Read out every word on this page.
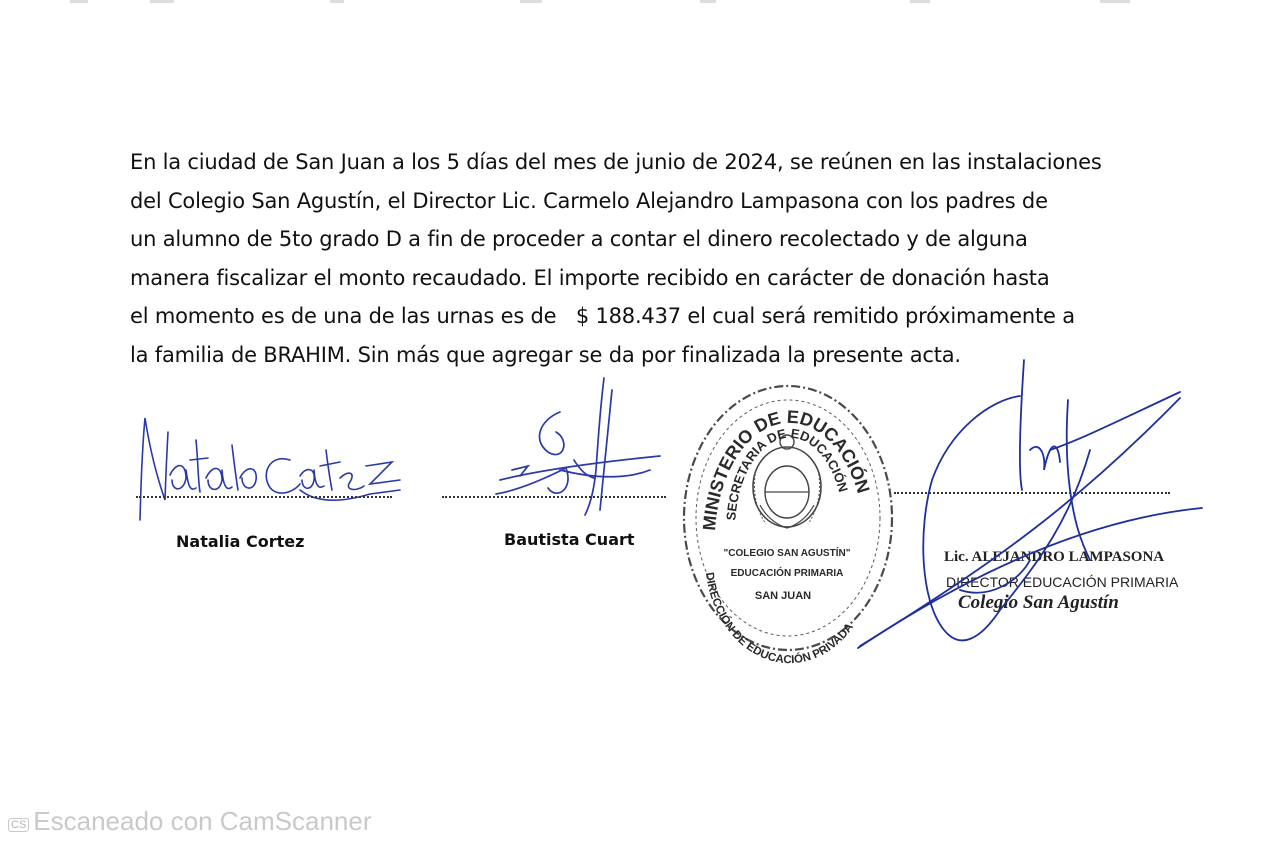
En la ciudad de San Juan a los 5 días del mes de junio de 2024, se reúnen en las instalaciones
del Colegio San Agustín, el Director Lic. Carmelo Alejandro Lampasona con los padres de
un alumno de 5to grado D a fin de proceder a contar el dinero recolectado y de alguna
manera fiscalizar el monto recaudado. El importe recibido en carácter de donación hasta
el momento es de una de las urnas es de   $ 188.437 el cual será remitido próximamente a
la familia de BRAHIM. Sin más que agregar se da por finalizada la presente acta.
Natalia Cortez	Bautista Cuart
MINISTERIO DE EDUCACIÓN
SECRETARIA DE EDUCACIÓN
DIRECCIÓN DE EDUCACIÓN PRIVADA
"COLEGIO SAN AGUSTÍN"
EDUCACIÓN PRIMARIA
SAN JUAN
Lic. ALEJANDRO LAMPASONA
DIRECTOR EDUCACIÓN PRIMARIA
Colegio San Agustín
CS Escaneado con CamScanner
